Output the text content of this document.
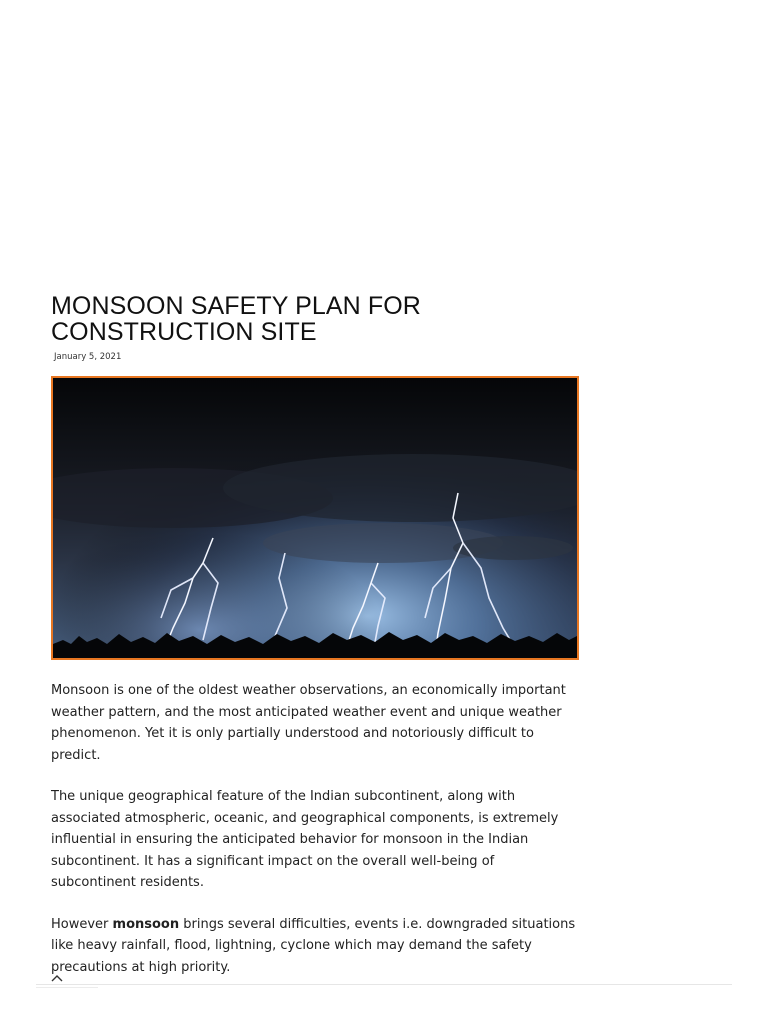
MONSOON SAFETY PLAN FOR CONSTRUCTION SITE
January 5, 2021

Monsoon is one of the oldest weather observations, an economically important weather pattern, and the most anticipated weather event and unique weather phenomenon. Yet it is only partially understood and notoriously difficult to predict.

The unique geographical feature of the Indian subcontinent, along with associated atmospheric, oceanic, and geographical components, is extremely influential in ensuring the anticipated behavior for monsoon in the Indian subcontinent. It has a significant impact on the overall well-being of subcontinent residents.

However monsoon brings several difficulties, events i.e. downgraded situations like heavy rainfall, flood, lightning, cyclone which may demand the safety precautions at high priority.
